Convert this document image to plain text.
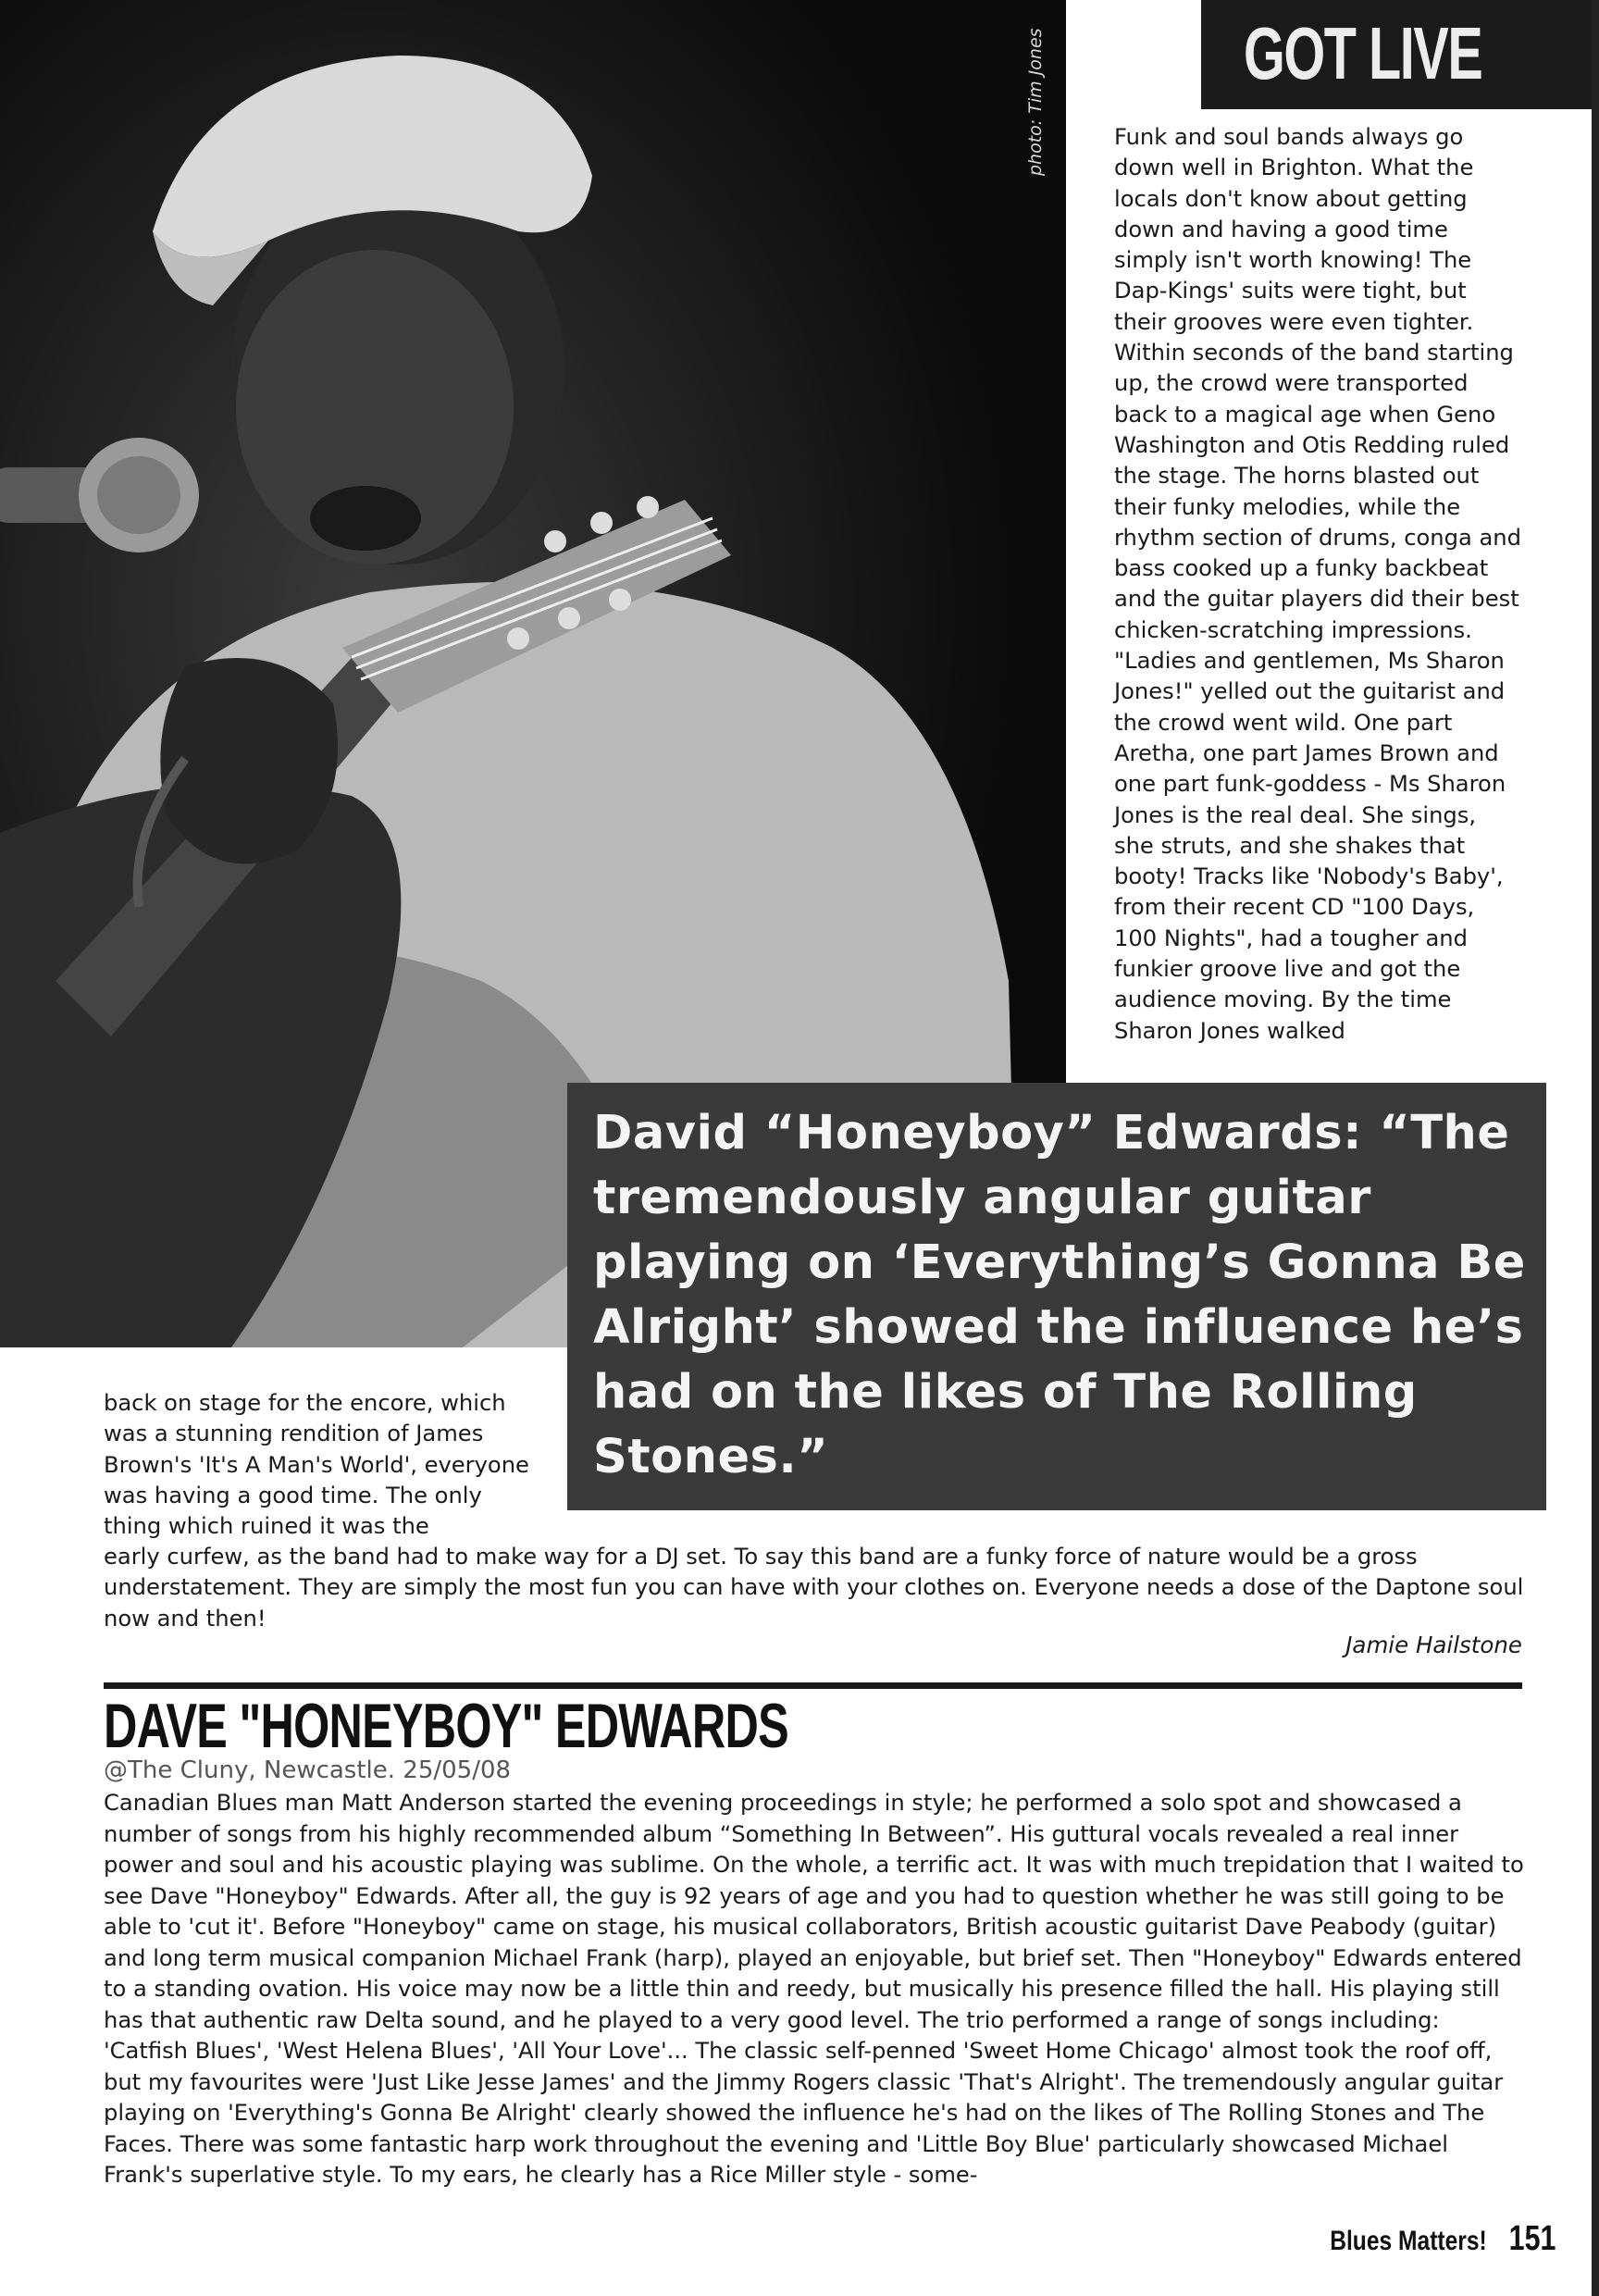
photo: Tim Jones	GOT LIVE
Funk and soul bands always go down well in Brighton. What the locals don't know about getting down and having a good time simply isn't worth knowing! The Dap-Kings' suits were tight, but their grooves were even tighter. Within seconds of the band starting up, the crowd were transported back to a magical age when Geno Washington and Otis Redding ruled the stage. The horns blasted out their funky melodies, while the rhythm section of drums, conga and bass cooked up a funky backbeat and the guitar players did their best chicken-scratching impressions. "Ladies and gentlemen, Ms Sharon Jones!" yelled out the guitarist and the crowd went wild. One part Aretha, one part James Brown and one part funk-goddess - Ms Sharon Jones is the real deal. She sings, she struts, and she shakes that booty! Tracks like 'Nobody's Baby', from their recent CD "100 Days, 100 Nights", had a tougher and funkier groove live and got the audience moving. By the time Sharon Jones walked

David “Honeyboy” Edwards: “The tremendously angular guitar playing on ‘Everything’s Gonna Be Alright’ showed the influence he’s had on the likes of The Rolling Stones.”

back on stage for the encore, which was a stunning rendition of James Brown's 'It's A Man's World', everyone was having a good time. The only thing which ruined it was the
early curfew, as the band had to make way for a DJ set. To say this band are a funky force of nature would be a gross understatement. They are simply the most fun you can have with your clothes on. Everyone needs a dose of the Daptone soul now and then!
Jamie Hailstone
DAVE "HONEYBOY" EDWARDS
@The Cluny, Newcastle. 25/05/08
Canadian Blues man Matt Anderson started the evening proceedings in style; he performed a solo spot and showcased a number of songs from his highly recommended album “Something In Between”. His guttural vocals revealed a real inner power and soul and his acoustic playing was sublime. On the whole, a terrific act. It was with much trepidation that I waited to see Dave "Honeyboy" Edwards. After all, the guy is 92 years of age and you had to question whether he was still going to be able to 'cut it'. Before "Honeyboy" came on stage, his musical collaborators, British acoustic guitarist Dave Peabody (guitar) and long term musical companion Michael Frank (harp), played an enjoyable, but brief set. Then "Honeyboy" Edwards entered to a standing ovation. His voice may now be a little thin and reedy, but musically his presence filled the hall. His playing still has that authentic raw Delta sound, and he played to a very good level. The trio performed a range of songs including: 'Catfish Blues', 'West Helena Blues', 'All Your Love'... The classic self-penned 'Sweet Home Chicago' almost took the roof off, but my favourites were 'Just Like Jesse James' and the Jimmy Rogers classic 'That's Alright'. The tremendously angular guitar playing on 'Everything's Gonna Be Alright' clearly showed the influence he's had on the likes of The Rolling Stones and The Faces. There was some fantastic harp work throughout the evening and 'Little Boy Blue' particularly showcased Michael Frank's superlative style. To my ears, he clearly has a Rice Miller style - some-
Blues Matters! 151
